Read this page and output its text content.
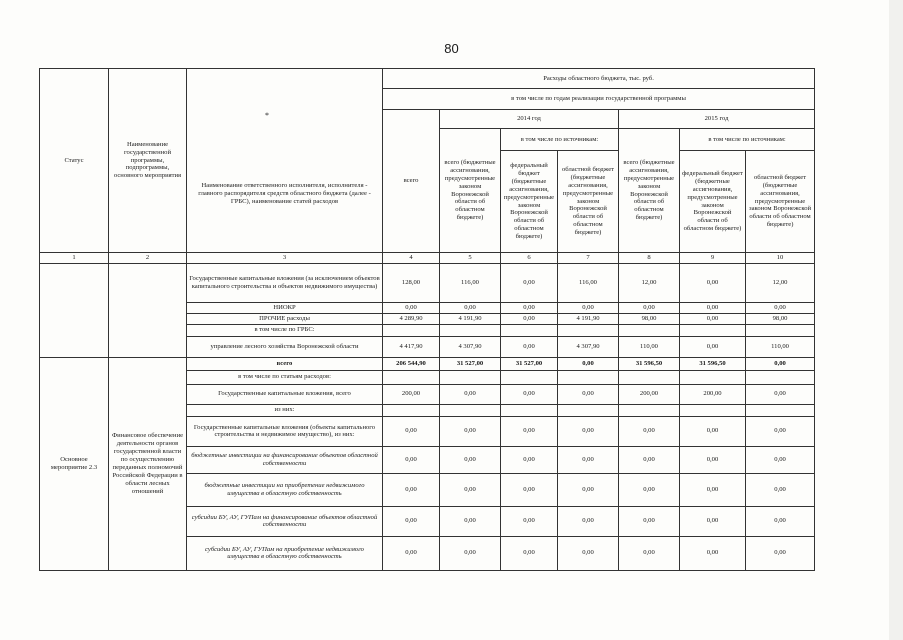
80
*
Статус	Наименование государственной программы, подпрограммы, основного мероприятия	Наименование ответственного исполнителя, исполнителя - главного распорядителя средств областного бюджета (далее - ГРБС), наименование статей расходов	Расходы областного бюджета, тыс. руб.						
			в том числе по годам реализации государственной программы						
			всего	2014 год			2015 год		
				всего (бюджетные ассигнования, предусмотренные законом Воронежской области об областном бюджете)	в том числе по источникам:		всего (бюджетные ассигнования, предусмотренные законом Воронежской области об областном бюджете)	в том числе по источникам:	
					федеральный бюджет (бюджетные ассигнования, предусмотренные законом Воронежской области об областном бюджете)	областной бюджет (бюджетные ассигнования, предусмотренные законом Воронежской области об областном бюджете)		федеральный бюджет (бюджетные ассигнования, предусмотренные законом Воронежской области об областном бюджете)	областной бюджет (бюджетные ассигнования, предусмотренные законом Воронежской области об областном бюджете)
1	2	3	4	5	6	7	8	9	10
		Государственные капитальные вложения (за исключением объектов капитального строительства и объектов недвижимого имущества)	128,00	116,00	0,00	116,00	12,00	0,00	12,00
		НИОКР	0,00	0,00	0,00	0,00	0,00	0,00	0,00
		ПРОЧИЕ расходы	4 289,90	4 191,90	0,00	4 191,90	98,00	0,00	98,00
		в том числе по ГРБС:							
		управление лесного хозяйства Воронежской области	4 417,90	4 307,90	0,00	4 307,90	110,00	0,00	110,00
Основное мероприятие 2.3	Финансовое обеспечение деятельности органов государственной власти по осуществлению переданных полномочий Российской Федерации в области лесных отношений	всего	206 544,90	31 527,00	31 527,00	0,00	31 596,50	31 596,50	0,00
		в том числе по статьям расходов:							
		Государственные капитальные вложения, всего	200,00	0,00	0,00	0,00	200,00	200,00	0,00
		из них:							
		Государственные капитальные вложения (объекты капитального строительства и недвижимое имущество), из них:	0,00	0,00	0,00	0,00	0,00	0,00	0,00
		бюджетные инвестиции на финансирование объектов областной собственности	0,00	0,00	0,00	0,00	0,00	0,00	0,00
		бюджетные инвестиции на приобретение недвижимого имущества в областную собственность	0,00	0,00	0,00	0,00	0,00	0,00	0,00
		субсидии БУ, АУ, ГУПам на финансирование объектов областной собственности	0,00	0,00	0,00	0,00	0,00	0,00	0,00
		субсидии БУ, АУ, ГУПам на приобретение недвижимого имущества в областную собственность	0,00	0,00	0,00	0,00	0,00	0,00	0,00
